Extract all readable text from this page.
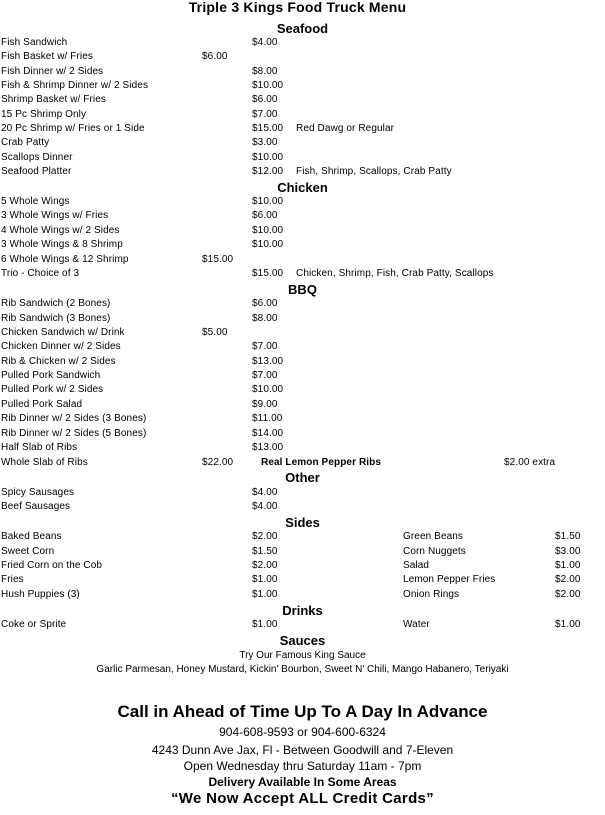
Triple 3 Kings Food Truck Menu
Seafood
Fish Sandwich	$4.00
Fish Basket w/ Fries	$6.00
Fish Dinner w/ 2 Sides	$8.00
Fish & Shrimp Dinner w/ 2 Sides	$10.00
Shrimp Basket w/ Fries	$6.00
15 Pc Shrimp Only	$7.00
20 Pc Shrimp w/ Fries or 1 Side	$15.00 Red Dawg or Regular
Crab Patty	$3.00
Scallops Dinner	$10.00
Seafood Platter	$12.00 Fish, Shrimp, Scallops, Crab Patty
Chicken
5 Whole Wings	$10.00
3 Whole Wings w/ Fries	$6.00
4 Whole Wings w/ 2 Sides	$10.00
3 Whole Wings & 8 Shrimp	$10.00
6 Whole Wings & 12 Shrimp	$15.00
Trio - Choice of 3	$15.00 Chicken, Shrimp, Fish, Crab Patty, Scallops
BBQ
Rib Sandwich (2 Bones)	$6.00
Rib Sandwich (3 Bones)	$8.00
Chicken Sandwich w/ Drink	$5.00
Chicken Dinner w/ 2 Sides	$7.00
Rib & Chicken w/ 2 Sides	$13.00
Pulled Pork Sandwich	$7.00
Pulled Pork w/ 2 Sides	$10.00
Pulled Pork Salad	$9.00
Rib Dinner w/ 2 Sides (3 Bones)	$11.00
Rib Dinner w/ 2 Sides (5 Bones)	$14.00
Half Slab of Ribs	$13.00
Whole Slab of Ribs	$22.00	Real Lemon Pepper Ribs	$2.00 extra
Other
Spicy Sausages	$4.00
Beef Sausages	$4.00
Sides
Baked Beans	$2.00	Green Beans	$1.50
Sweet Corn	$1.50	Corn Nuggets	$3.00
Fried Corn on the Cob	$2.00	Salad	$1.00
Fries	$1.00	Lemon Pepper Fries	$2.00
Hush Puppies (3)	$1.00	Onion Rings	$2.00
Drinks
Coke or Sprite	$1.00	Water	$1.00
Sauces
Try Our Famous King Sauce
Garlic Parmesan, Honey Mustard, Kickin' Bourbon, Sweet N' Chili, Mango Habanero, Teriyaki
Call in Ahead of Time Up To A Day In Advance
904-608-9593 or 904-600-6324
4243 Dunn Ave Jax, Fl - Between Goodwill and 7-Eleven
Open Wednesday thru Saturday 11am - 7pm
Delivery Available In Some Areas
“We Now Accept ALL Credit Cards”
